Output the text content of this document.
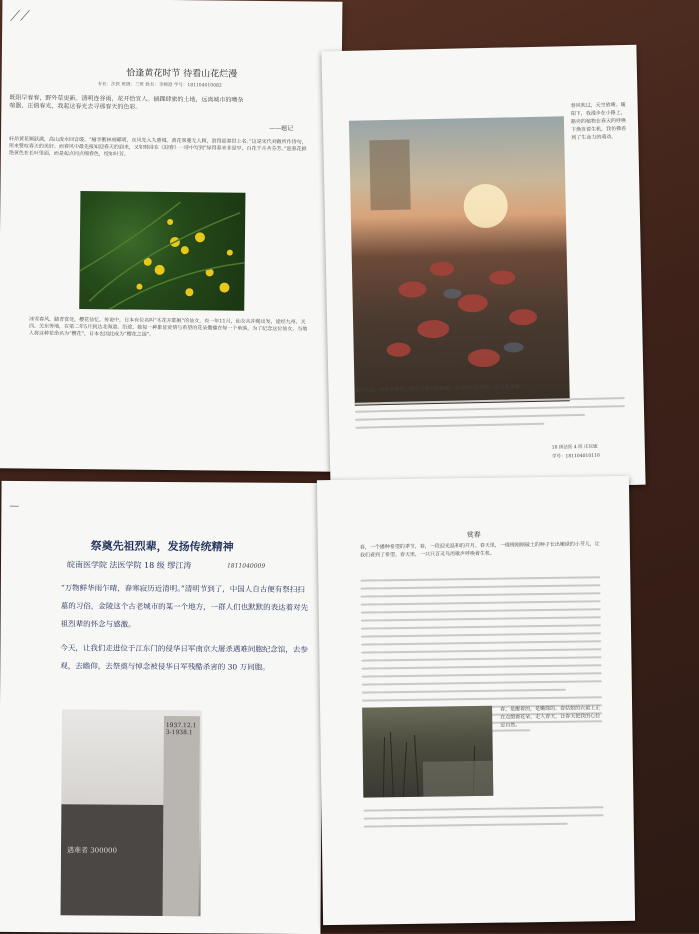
⟋⟋
恰逢黄花时节 待看山花烂漫
专业：法医 班级：三班 姓名：李婉澄 学号：181104010082
既阳早春春，野外草更新。清明连谷雨，花开恰宜人。揣踝肆旅的土地，远离城市的嘈杂喧嚣，正值春光，我起这春光去寻那春天的色彩。
——题记
轩昂黄花顺跃满，高山流水回音缓。“榆李繁林刻曜明，东风先入九重城。黄花翠蔓无人顾，浪得迎春世上名。”这是宋代刘敞所作诗句，用来赞叹春天的美好。而春风中最先报知迎春天的到来，又如韩诗在《迎春》一诗中写到“绿得春来非是早，百花千卉共芬芳。”迎春花鲜艳黄色在长叶里面，而是起点同点细春色，绽如叶芳。
冰雪春风，踏青赏处，樱花仙忆。传说中，日本有位名叫“木花开耶姬”的仙女，有一年11月，仙女从冲绳出发，途经九州、关西、关东等地，在第二年5月到达北海道。沿途，她每一种象征爱情与希望的花朵撒播在每一个角落，为了纪念这位仙女，当地人将这种花命名为“樱花”，日本也因此成为“樱花之国”。
春风吹过，天空放晴。暖阳下，我漫步在小路上，路旁的植物在春天的呼唤下焕发着生机，我仿佛看到了生命力的萌动。
我不知道，或许是那夏日的开天涯日的烦燥？亦或秋日的成熟？还是那冬陶？
18 级法医 4 班 庄玩敏
学号：181104010118
—
祭奠先祖烈辈，发扬传统精神
皖南医学院 法医学院 18 级 缪江涛	1811040009
“万物鲜华雨乍晴，春寒寂历近清明。”清明节到了，中国人自古便有祭扫扫墓的习俗，金陵这个古老城市的某一个地方，一群人们也默默的表达着对先祖烈辈的怀念与感激。
今天，让我们走进位于江东门的侵华日军南京大屠杀遇难同胞纪念馆，去参观，去瞻仰，去祭奠与悼念被侵华日军残酷杀害的 30 万同胞。
遇难者 300000
1937.12.13-1938.1
赏春
春，一个播种希望的季节，春，一段迎光温和的开月。春天里，一棵棵刚刚破土的种子长出嫩绿的小芽儿，让我们看到了希望。春天里，一只只百灵鸟用歌声呼唤着生机。
春，是醒着的，是嫩绿的。春姑娘的衣裙上正在点缀着花朵，走入春天，让春天把我的心拉近自然。
